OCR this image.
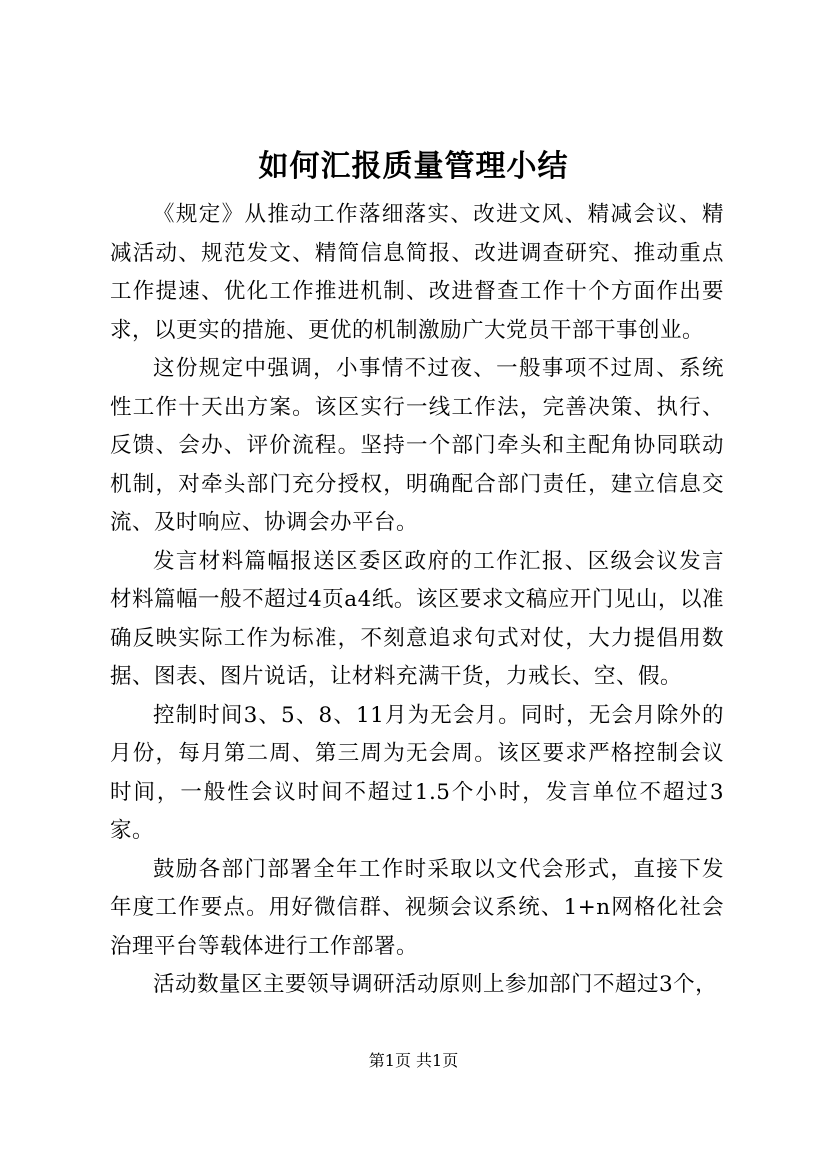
如何汇报质量管理小结

《规定》从推动工作落细落实、改进文风、精减会议、精减活动、规范发文、精简信息简报、改进调查研究、推动重点工作提速、优化工作推进机制、改进督查工作十个方面作出要求，以更实的措施、更优的机制激励广大党员干部干事创业。

这份规定中强调，小事情不过夜、一般事项不过周、系统性工作十天出方案。该区实行一线工作法，完善决策、执行、反馈、会办、评价流程。坚持一个部门牵头和主配角协同联动机制，对牵头部门充分授权，明确配合部门责任，建立信息交流、及时响应、协调会办平台。

发言材料篇幅报送区委区政府的工作汇报、区级会议发言材料篇幅一般不超过4页a4纸。该区要求文稿应开门见山，以准确反映实际工作为标准，不刻意追求句式对仗，大力提倡用数据、图表、图片说话，让材料充满干货，力戒长、空、假。

控制时间3、5、8、11月为无会月。同时，无会月除外的月份，每月第二周、第三周为无会周。该区要求严格控制会议时间，一般性会议时间不超过1.5个小时，发言单位不超过3家。

鼓励各部门部署全年工作时采取以文代会形式，直接下发年度工作要点。用好微信群、视频会议系统、1+n网格化社会治理平台等载体进行工作部署。

活动数量区主要领导调研活动原则上参加部门不超过3个，

第1页 共1页
